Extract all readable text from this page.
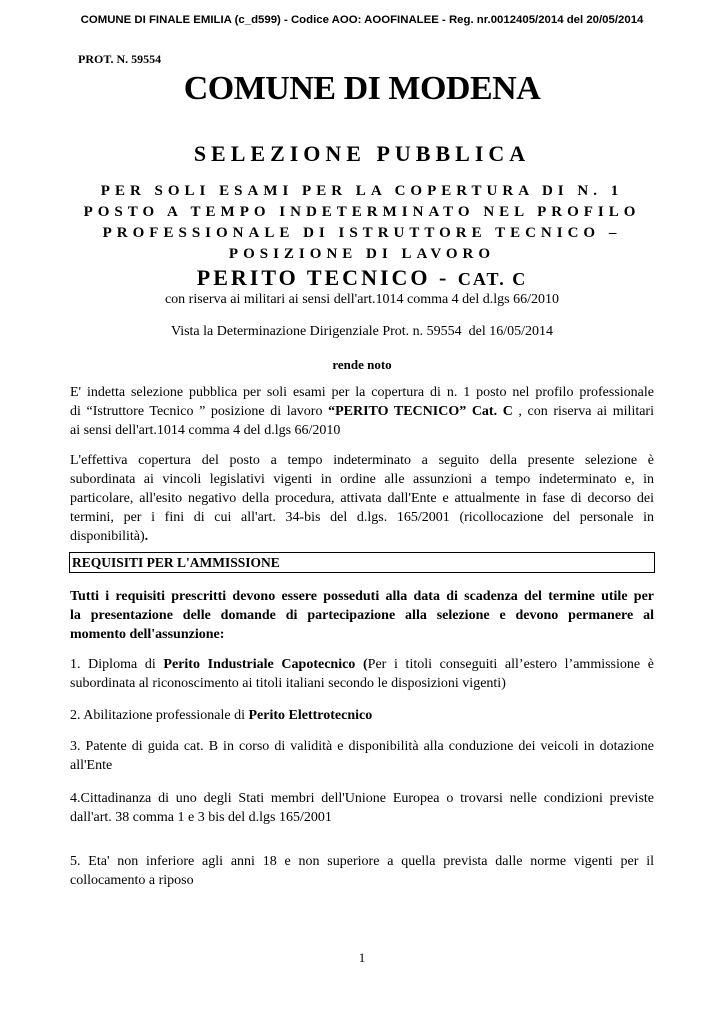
COMUNE DI FINALE EMILIA (c_d599) - Codice AOO: AOOFINALEE - Reg. nr.0012405/2014 del 20/05/2014
PROT. N. 59554
COMUNE DI MODENA
SELEZIONE PUBBLICA
PER SOLI ESAMI PER LA COPERTURA DI N. 1
POSTO A TEMPO INDETERMINATO NEL PROFILO
PROFESSIONALE DI ISTRUTTORE TECNICO –
POSIZIONE DI LAVORO
PERITO TECNICO - CAT. C
con riserva ai militari ai sensi dell'art.1014 comma 4 del d.lgs 66/2010
Vista la Determinazione Dirigenziale Prot. n. 59554  del 16/05/2014
rende noto
E' indetta selezione pubblica per soli esami per la copertura di n. 1 posto nel profilo professionale
di “Istruttore Tecnico ” posizione di lavoro “PERITO TECNICO” Cat. C , con riserva ai militari
ai sensi dell'art.1014 comma 4 del d.lgs 66/2010
L'effettiva copertura del posto a tempo indeterminato a seguito della presente selezione è
subordinata ai vincoli legislativi vigenti in ordine alle assunzioni a tempo indeterminato e, in
particolare, all'esito negativo della procedura, attivata dall'Ente e attualmente in fase di decorso dei
termini, per i fini di cui all'art. 34-bis del d.lgs. 165/2001 (ricollocazione del personale in
disponibilità).
REQUISITI PER L'AMMISSIONE
Tutti i requisiti prescritti devono essere posseduti alla data di scadenza del termine utile per
la presentazione delle domande di partecipazione alla selezione e devono permanere al
momento dell'assunzione:
1. Diploma di Perito Industriale Capotecnico (Per i titoli conseguiti all’estero l’ammissione è
subordinata al riconoscimento ai titoli italiani secondo le disposizioni vigenti)
2. Abilitazione professionale di Perito Elettrotecnico
3. Patente di guida cat. B in corso di validità e disponibilità alla conduzione dei veicoli in dotazione
all'Ente
4.Cittadinanza di uno degli Stati membri dell'Unione Europea o trovarsi nelle condizioni previste
dall'art. 38 comma 1 e 3 bis del d.lgs 165/2001
5. Eta' non inferiore agli anni 18 e non superiore a quella prevista dalle norme vigenti per il
collocamento a riposo
1
